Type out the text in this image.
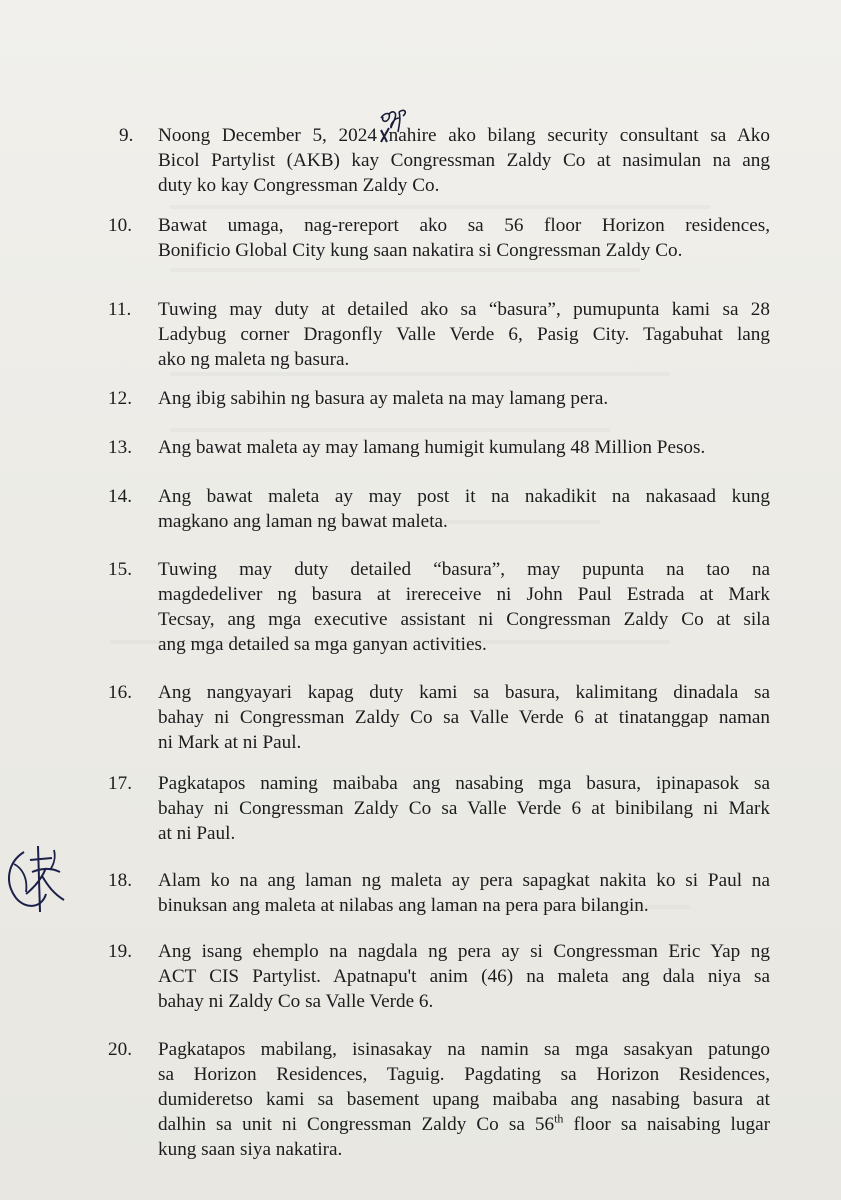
9. Noong December 5, 2024 nahire ako bilang security consultant sa Ako
Bicol Partylist (AKB) kay Congressman Zaldy Co at nasimulan na ang
duty ko kay Congressman Zaldy Co.
10. Bawat umaga, nag-rereport ako sa 56 floor Horizon residences,
Bonificio Global City kung saan nakatira si Congressman Zaldy Co.
11. Tuwing may duty at detailed ako sa “basura”, pumupunta kami sa 28
Ladybug corner Dragonfly Valle Verde 6, Pasig City. Tagabuhat lang
ako ng maleta ng basura.
12. Ang ibig sabihin ng basura ay maleta na may lamang pera.
13. Ang bawat maleta ay may lamang humigit kumulang 48 Million Pesos.
14. Ang bawat maleta ay may post it na nakadikit na nakasaad kung
magkano ang laman ng bawat maleta.
15. Tuwing may duty detailed “basura”, may pupunta na tao na
magdedeliver ng basura at irereceive ni John Paul Estrada at Mark
Tecsay, ang mga executive assistant ni Congressman Zaldy Co at sila
ang mga detailed sa mga ganyan activities.
16. Ang nangyayari kapag duty kami sa basura, kalimitang dinadala sa
bahay ni Congressman Zaldy Co sa Valle Verde 6 at tinatanggap naman
ni Mark at ni Paul.
17. Pagkatapos naming maibaba ang nasabing mga basura, ipinapasok sa
bahay ni Congressman Zaldy Co sa Valle Verde 6 at binibilang ni Mark
at ni Paul.
18. Alam ko na ang laman ng maleta ay pera sapagkat nakita ko si Paul na
binuksan ang maleta at nilabas ang laman na pera para bilangin.
19. Ang isang ehemplo na nagdala ng pera ay si Congressman Eric Yap ng
ACT CIS Partylist. Apatnapu't anim (46) na maleta ang dala niya sa
bahay ni Zaldy Co sa Valle Verde 6.
20. Pagkatapos mabilang, isinasakay na namin sa mga sasakyan patungo
sa Horizon Residences, Taguig. Pagdating sa Horizon Residences,
dumideretso kami sa basement upang maibaba ang nasabing basura at
dalhin sa unit ni Congressman Zaldy Co sa 56th floor sa naisabing lugar
kung saan siya nakatira.
